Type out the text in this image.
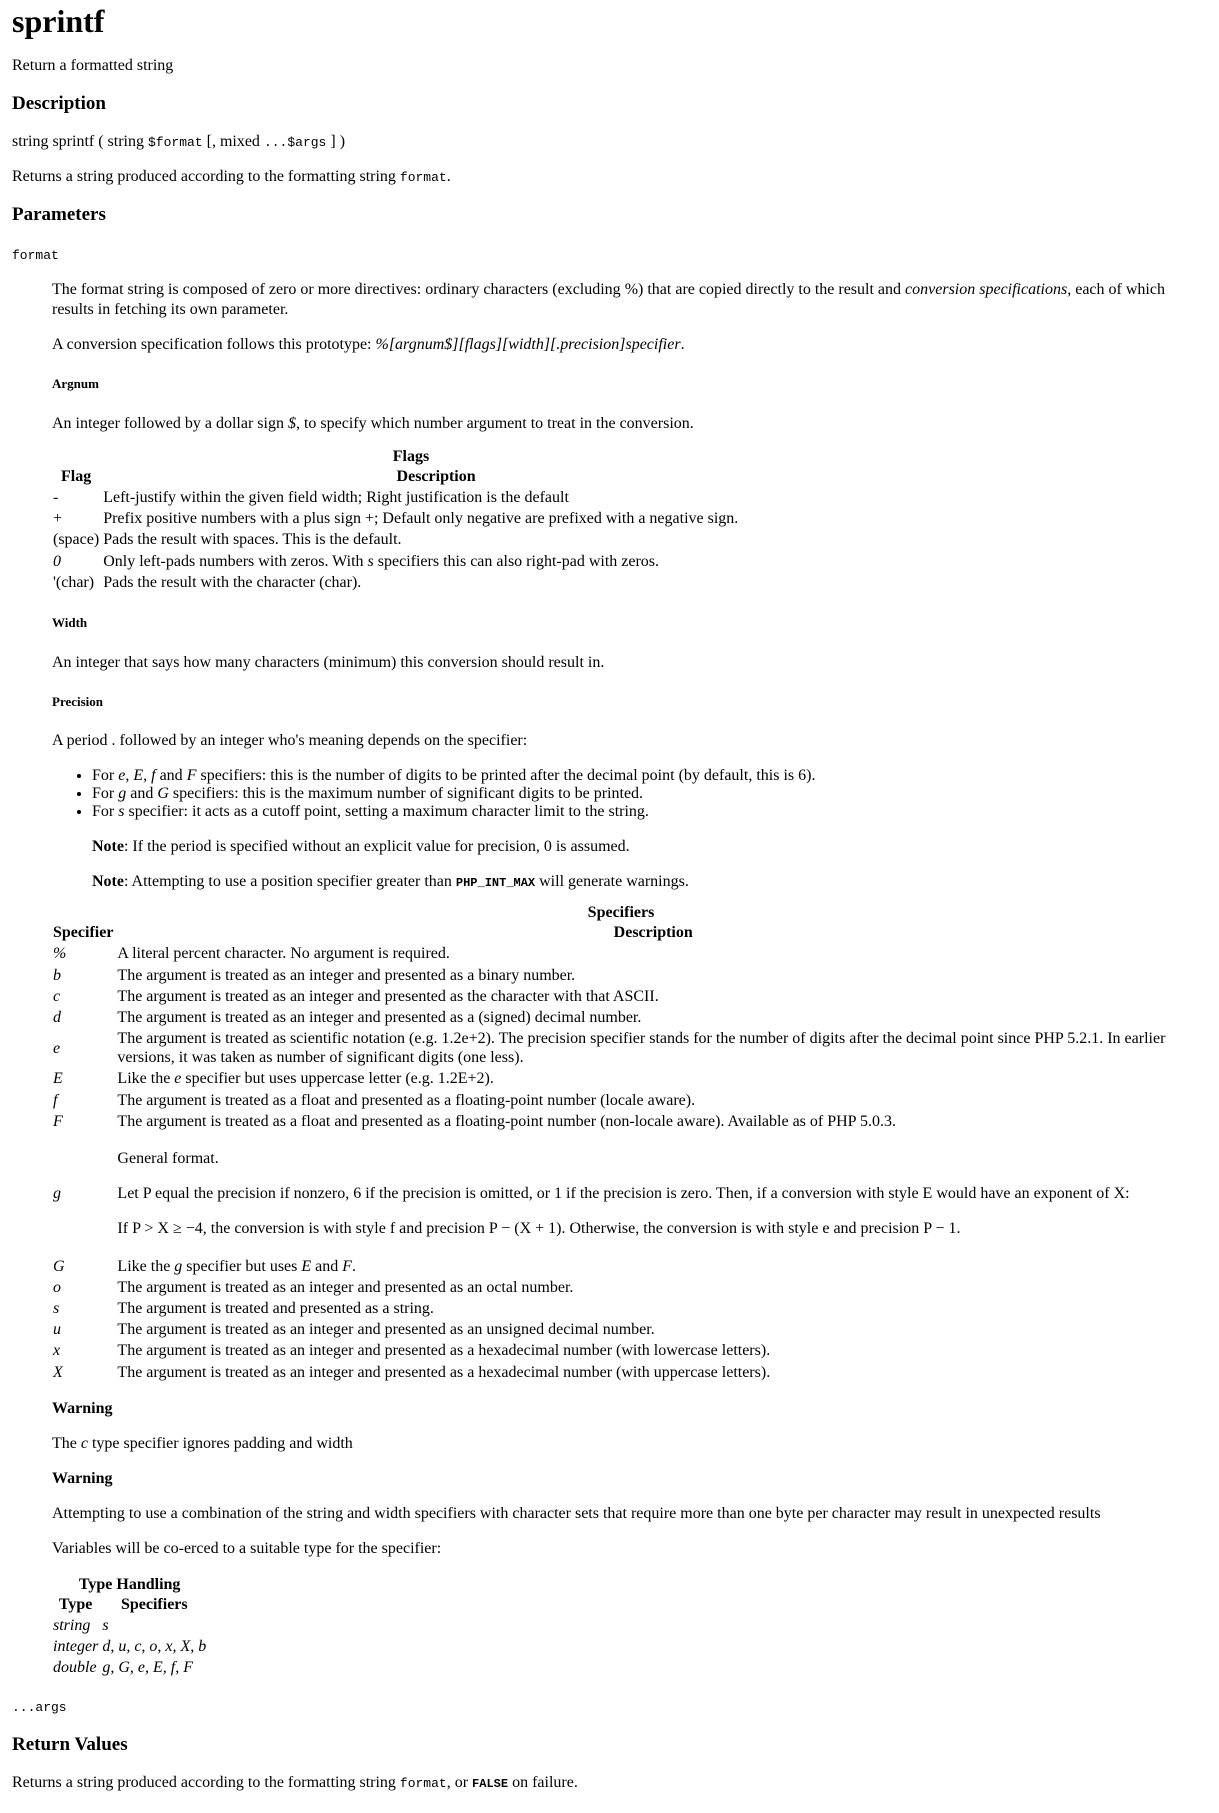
sprintf

Return a formatted string

Description

string sprintf ( string $format [, mixed ...$args ] )

Returns a string produced according to the formatting string format.

Parameters
format

The format string is composed of zero or more directives: ordinary characters (excluding %) that are copied directly to the result and conversion specifications, each of which results in fetching its own parameter.

A conversion specification follows this prototype: %[argnum$][flags][width][.precision]specifier.

Argnum

An integer followed by a dollar sign $, to specify which number argument to treat in the conversion.

Flags
Flag	Description
-	Left-justify within the given field width; Right justification is the default
+	Prefix positive numbers with a plus sign +; Default only negative are prefixed with a negative sign.
(space)	Pads the result with spaces. This is the default.
0	Only left-pads numbers with zeros. With s specifiers this can also right-pad with zeros.
'(char)	Pads the result with the character (char).
Width

An integer that says how many characters (minimum) this conversion should result in.

Precision

A period . followed by an integer who's meaning depends on the specifier:

• For e, E, f and F specifiers: this is the number of digits to be printed after the decimal point (by default, this is 6).
• For g and G specifiers: this is the maximum number of significant digits to be printed.
• For s specifier: it acts as a cutoff point, setting a maximum character limit to the string.

Note: If the period is specified without an explicit value for precision, 0 is assumed.

Note: Attempting to use a position specifier greater than PHP_INT_MAX will generate warnings.

Specifiers
Specifier	Description
%	A literal percent character. No argument is required.
b	The argument is treated as an integer and presented as a binary number.
c	The argument is treated as an integer and presented as the character with that ASCII.
d	The argument is treated as an integer and presented as a (signed) decimal number.
e	The argument is treated as scientific notation (e.g. 1.2e+2). The precision specifier stands for the number of digits after the decimal point since PHP 5.2.1. In earlier versions, it was taken as number of significant digits (one less).
E	Like the e specifier but uses uppercase letter (e.g. 1.2E+2).
f	The argument is treated as a float and presented as a floating-point number (locale aware).
F	The argument is treated as a float and presented as a floating-point number (non-locale aware). Available as of PHP 5.0.3.
g	General format.

Let P equal the precision if nonzero, 6 if the precision is omitted, or 1 if the precision is zero. Then, if a conversion with style E would have an exponent of X:

If P > X ≥ −4, the conversion is with style f and precision P − (X + 1). Otherwise, the conversion is with style e and precision P − 1.

G	Like the g specifier but uses E and F.
o	The argument is treated as an integer and presented as an octal number.
s	The argument is treated and presented as a string.
u	The argument is treated as an integer and presented as an unsigned decimal number.
x	The argument is treated as an integer and presented as a hexadecimal number (with lowercase letters).
X	The argument is treated as an integer and presented as a hexadecimal number (with uppercase letters).

Warning

The c type specifier ignores padding and width

Warning

Attempting to use a combination of the string and width specifiers with character sets that require more than one byte per character may result in unexpected results

Variables will be co-erced to a suitable type for the specifier:

Type Handling
Type	Specifiers
string	s
integer	d, u, c, o, x, X, b
double	g, G, e, E, f, F
...args
Return Values

Returns a string produced according to the formatting string format, or FALSE on failure.
